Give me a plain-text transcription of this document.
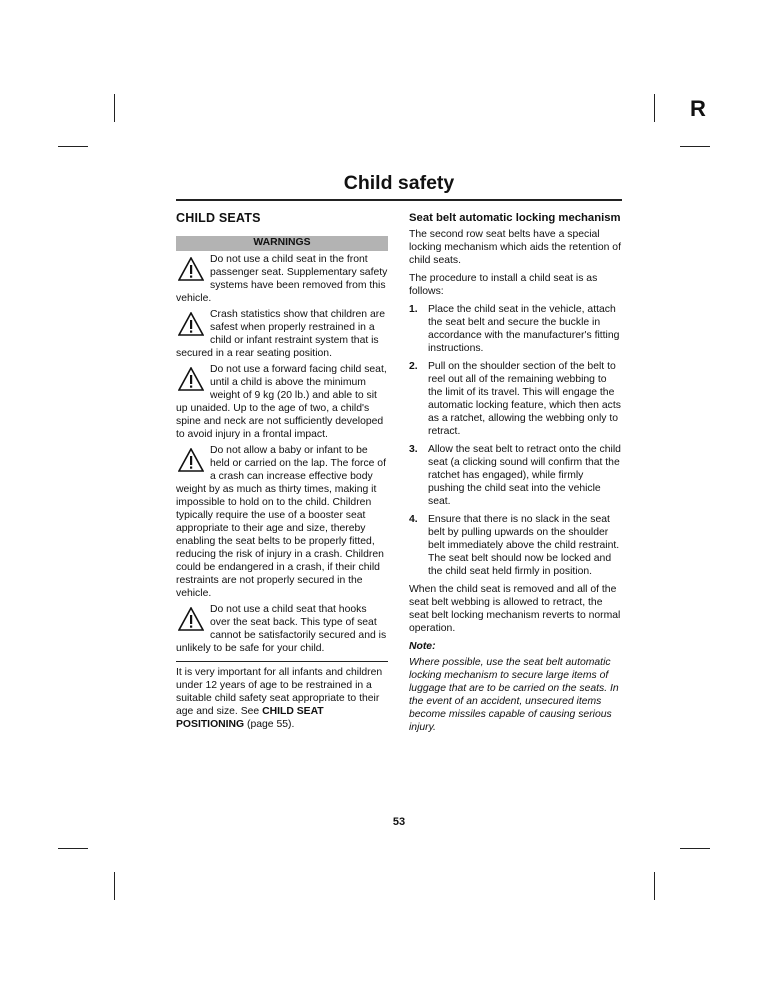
R
Child safety
CHILD SEATS
WARNINGS

Do not use a child seat in the front passenger seat. Supplementary safety systems have been removed from this vehicle.

Crash statistics show that children are safest when properly restrained in a child or infant restraint system that is secured in a rear seating position.

Do not use a forward facing child seat, until a child is above the minimum weight of 9 kg (20 lb.) and able to sit up unaided. Up to the age of two, a child's spine and neck are not sufficiently developed to avoid injury in a frontal impact.

Do not allow a baby or infant to be held or carried on the lap. The force of a crash can increase effective body weight by as much as thirty times, making it impossible to hold on to the child. Children typically require the use of a booster seat appropriate to their age and size, thereby enabling the seat belts to be properly fitted, reducing the risk of injury in a crash. Children could be endangered in a crash, if their child restraints are not properly secured in the vehicle.

Do not use a child seat that hooks over the seat back. This type of seat cannot be satisfactorily secured and is unlikely to be safe for your child.

It is very important for all infants and children under 12 years of age to be restrained in a suitable child safety seat appropriate to their age and size. See CHILD SEAT POSITIONING (page 55).

Seat belt automatic locking mechanism

The second row seat belts have a special locking mechanism which aids the retention of child seats.

The procedure to install a child seat is as follows:

1. Place the child seat in the vehicle, attach the seat belt and secure the buckle in accordance with the manufacturer's fitting instructions.
2. Pull on the shoulder section of the belt to reel out all of the remaining webbing to the limit of its travel. This will engage the automatic locking feature, which then acts as a ratchet, allowing the webbing only to retract.
3. Allow the seat belt to retract onto the child seat (a clicking sound will confirm that the ratchet has engaged), while firmly pushing the child seat into the vehicle seat.
4. Ensure that there is no slack in the seat belt by pulling upwards on the shoulder belt immediately above the child restraint. The seat belt should now be locked and the child seat held firmly in position.

When the child seat is removed and all of the seat belt webbing is allowed to retract, the seat belt locking mechanism reverts to normal operation.

Note:

Where possible, use the seat belt automatic locking mechanism to secure large items of luggage that are to be carried on the seats. In the event of an accident, unsecured items become missiles capable of causing serious injury.

53
